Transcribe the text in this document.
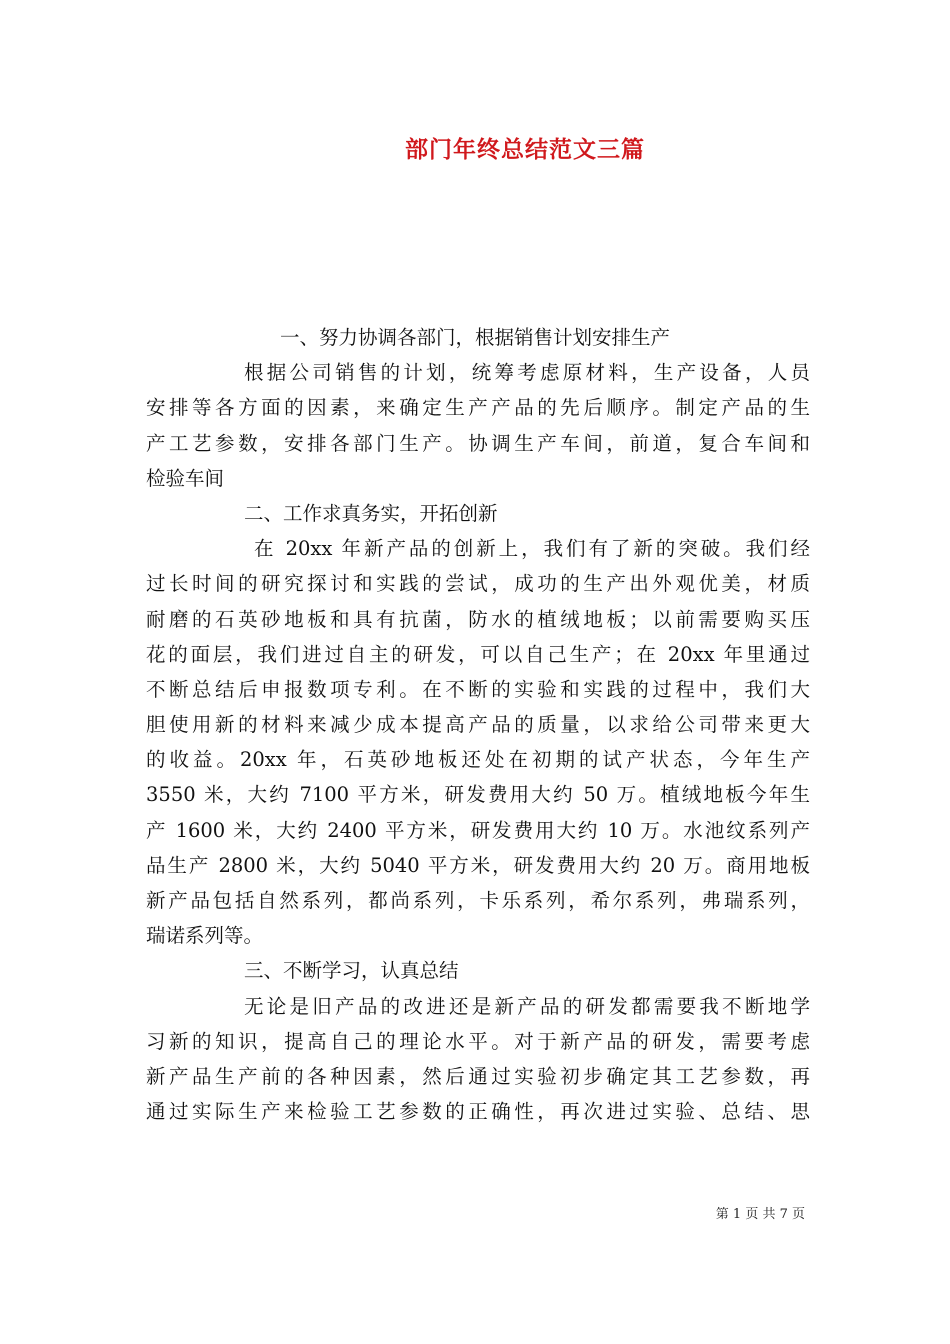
部门年终总结范文三篇
一、努力协调各部门，根据销售计划安排生产
根据公司销售的计划，统筹考虑原材料，生产设备，人员
安排等各方面的因素，来确定生产产品的先后顺序。制定产品的生
产工艺参数，安排各部门生产。协调生产车间，前道，复合车间和
检验车间
二、工作求真务实，开拓创新
在 20xx 年新产品的创新上，我们有了新的突破。我们经
过长时间的研究探讨和实践的尝试，成功的生产出外观优美，材质
耐磨的石英砂地板和具有抗菌，防水的植绒地板；以前需要购买压
花的面层，我们进过自主的研发，可以自己生产；在 20xx 年里通过
不断总结后申报数项专利。在不断的实验和实践的过程中，我们大
胆使用新的材料来减少成本提高产品的质量，以求给公司带来更大
的收益。20xx 年，石英砂地板还处在初期的试产状态，今年生产
3550 米，大约 7100 平方米，研发费用大约 50 万。植绒地板今年生
产 1600 米，大约 2400 平方米，研发费用大约 10 万。水池纹系列产
品生产 2800 米，大约 5040 平方米，研发费用大约 20 万。商用地板
新产品包括自然系列，都尚系列，卡乐系列，希尔系列，弗瑞系列，
瑞诺系列等。
三、不断学习，认真总结
无论是旧产品的改进还是新产品的研发都需要我不断地学
习新的知识，提高自己的理论水平。对于新产品的研发，需要考虑
新产品生产前的各种因素，然后通过实验初步确定其工艺参数，再
通过实际生产来检验工艺参数的正确性，再次进过实验、总结、思
第 1 页 共 7 页
